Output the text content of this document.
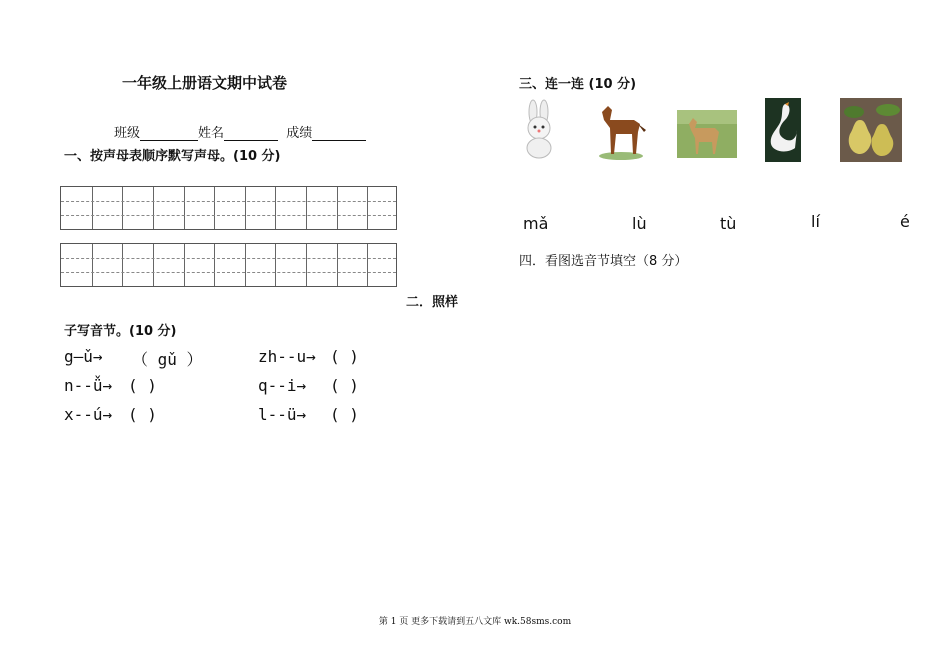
一年级上册语文期中试卷
班级	姓名	成绩
一、按声母表顺序默写声母。(10 分)
二．照样
子写音节。(10 分)
g—ǔ→ （ gǔ ）	zh--u→ ( )
n--ǚ→ ( )	q--i→ ( )
x--ú→ ( )	l--ü→ ( )
三、连一连 (10 分)
mǎ	lù	tù	lí	é
四．看图选音节填空（8 分）
第 1 页 更多下载请到五八文库 wk.58sms.com
